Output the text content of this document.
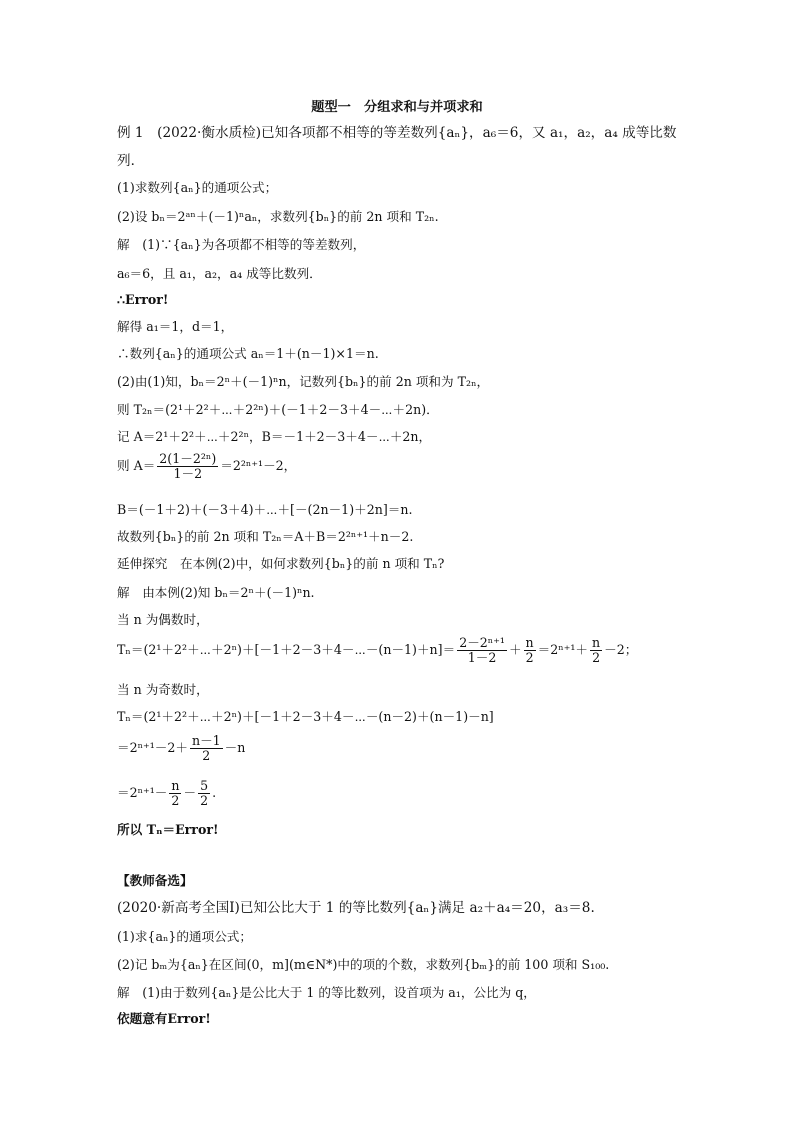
题型一　分组求和与并项求和
例 1　(2022·衡水质检)已知各项都不相等的等差数列{aₙ}，a₆＝6，又 a₁，a₂，a₄ 成等比数
列．
(1)求数列{aₙ}的通项公式；
(2)设 bₙ＝2ᵃⁿ＋(－1)ⁿaₙ，求数列{bₙ}的前 2n 项和 T₂ₙ.
解　(1)∵{aₙ}为各项都不相等的等差数列，
a₆＝6，且 a₁，a₂，a₄ 成等比数列．
∴Error!
解得 a₁＝1，d＝1，
∴数列{aₙ}的通项公式 aₙ＝1＋(n－1)×1＝n.
(2)由(1)知，bₙ＝2ⁿ＋(－1)ⁿn，记数列{bₙ}的前 2n 项和为 T₂ₙ，
则 T₂ₙ＝(2¹＋2²＋⋯＋2²ⁿ)＋(－1＋2－3＋4－⋯＋2n)．
记 A＝2¹＋2²＋⋯＋2²ⁿ，B＝－1＋2－3＋4－⋯＋2n，
则 $A= \frac{\text{2(1－2²ⁿ)}}{1-2} =2^{2n+1}-2$，
B＝(－1＋2)＋(－3＋4)＋⋯＋[－(2n－1)＋2n]＝n.
故数列{bₙ}的前 2n 项和 T₂ₙ＝A＋B＝2²ⁿ⁺¹＋n－2.
延伸探究　在本例(2)中，如何求数列{bₙ}的前 n 项和 Tₙ?
解　由本例(2)知 bₙ＝2ⁿ＋(－1)ⁿn.
当 n 为偶数时，
Tₙ＝(2¹＋2²＋⋯＋2ⁿ)＋[－1＋2－3＋4－⋯－(n－1)＋n]＝ $\frac{\text{2－2ⁿ⁺¹}}{1-2} + \frac{n}{2} =2^{n+1}+ \frac{n}{2} -2$；
当 n 为奇数时，
Tₙ＝(2¹＋2²＋⋯＋2ⁿ)＋[－1＋2－3＋4－⋯－(n－2)＋(n－1)－n]
$=2^{n+1}-2+ \frac{n-1}{2} -n$
$=2^{n+1}- \frac{n}{2} - \frac{5}{2}$ .
所以 Tₙ＝Error!
【教师备选】
(2020·新高考全国Ⅰ)已知公比大于 1 的等比数列{aₙ}满足 a₂＋a₄＝20，a₃＝8.
(1)求{aₙ}的通项公式；
(2)记 bₘ为{aₙ}在区间(0，m](m∈N*)中的项的个数，求数列{bₘ}的前 100 项和 S₁₀₀.
解　(1)由于数列{aₙ}是公比大于 1 的等比数列，设首项为 a₁，公比为 q，
依题意有Error!
